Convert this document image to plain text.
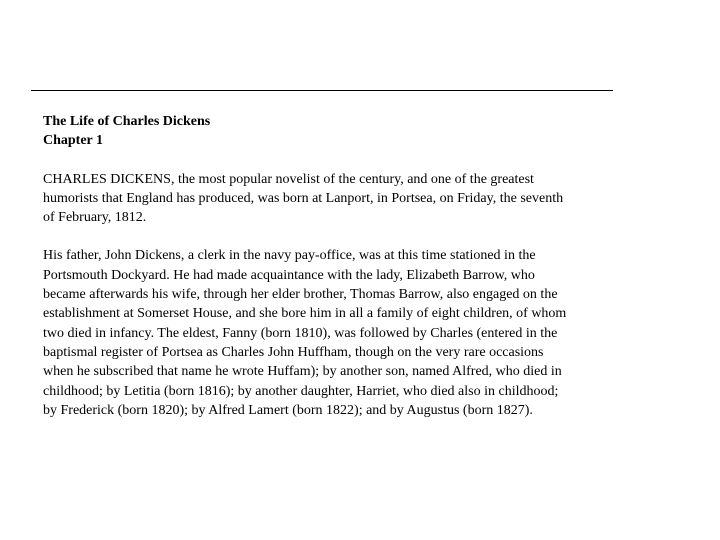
The Life of Charles Dickens
Chapter 1
CHARLES DICKENS, the most popular novelist of the century, and one of the greatest
humorists that England has produced, was born at Lanport, in Portsea, on Friday, the seventh
of February, 1812.
His father, John Dickens, a clerk in the navy pay-office, was at this time stationed in the
Portsmouth Dockyard. He had made acquaintance with the lady, Elizabeth Barrow, who
became afterwards his wife, through her elder brother, Thomas Barrow, also engaged on the
establishment at Somerset House, and she bore him in all a family of eight children, of whom
two died in infancy. The eldest, Fanny (born 1810), was followed by Charles (entered in the
baptismal register of Portsea as Charles John Huffham, though on the very rare occasions
when he subscribed that name he wrote Huffam); by another son, named Alfred, who died in
childhood; by Letitia (born 1816); by another daughter, Harriet, who died also in childhood;
by Frederick (born 1820); by Alfred Lamert (born 1822); and by Augustus (born 1827).
